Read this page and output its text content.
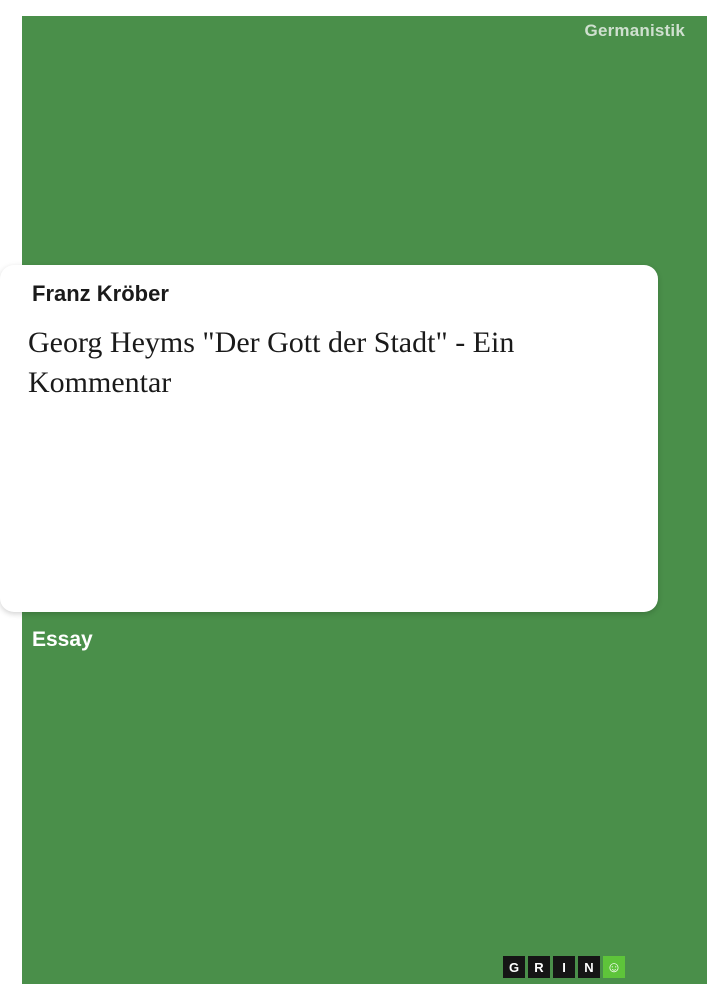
Germanistik
Franz Kröber
Georg Heyms "Der Gott der Stadt" - Ein Kommentar
Essay
G	R	I	N ☺
